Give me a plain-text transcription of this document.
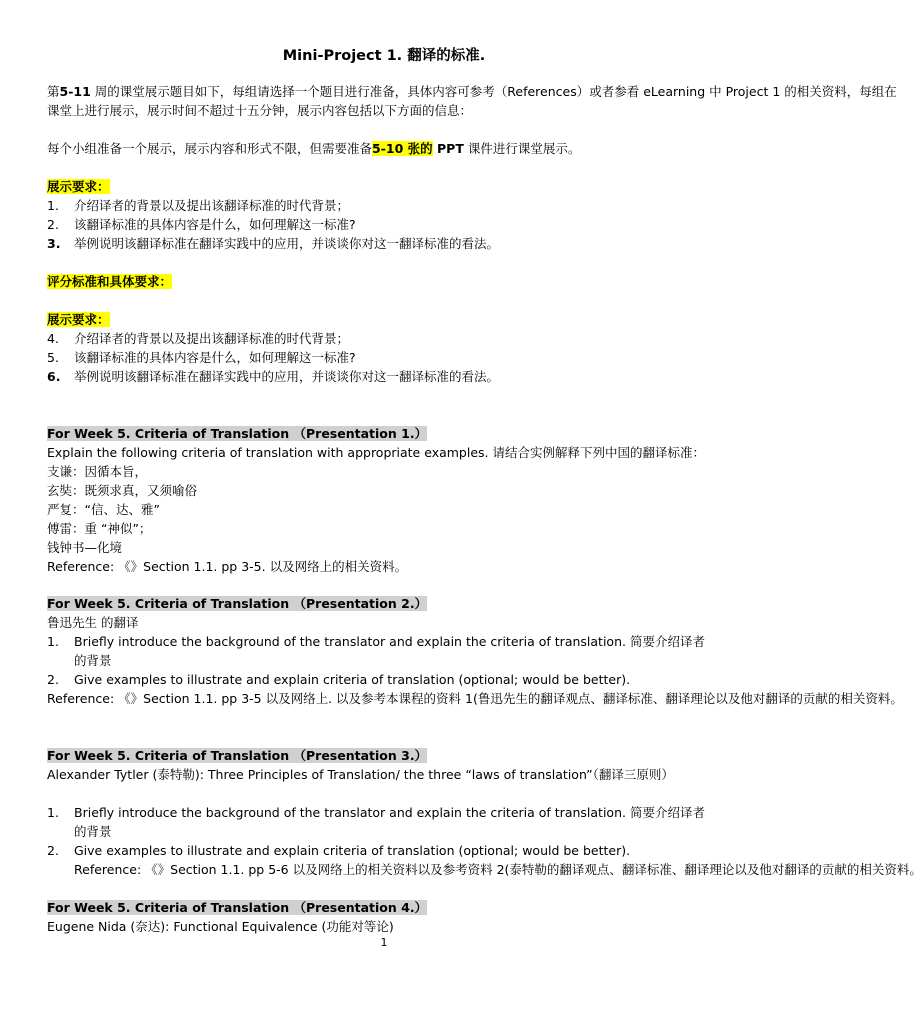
Mini-Project 1. 翻译的标准.
第5-11 周的课堂展示题目如下，每组请选择一个题目进行准备，具体内容可参考（References）或者参看 eLearning 中 Project 1 的相关资料，每组在
课堂上进行展示，展示时间不超过十五分钟，展示内容包括以下方面的信息：
每个小组准备一个展示，展示内容和形式不限，但需要准备5-10 张的 PPT 课件进行课堂展示。
展示要求：
1.	介绍译者的背景以及提出该翻译标准的时代背景；
2.	该翻译标准的具体内容是什么，如何理解这一标准?
3.	举例说明该翻译标准在翻译实践中的应用，并谈谈你对这一翻译标准的看法。
评分标准和具体要求：
展示要求：
4.	介绍译者的背景以及提出该翻译标准的时代背景；
5.	该翻译标准的具体内容是什么，如何理解这一标准?
6.	举例说明该翻译标准在翻译实践中的应用，并谈谈你对这一翻译标准的看法。
For Week 5. Criteria of Translation （Presentation 1.）
Explain the following criteria of translation with appropriate examples. 请结合实例解释下列中国的翻译标准：
支谦：因循本旨，
玄奘：既须求真，又须喻俗
严复：“信、达、雅”
傅雷：重 “神似”；
钱钟书—化境
Reference: 《》Section 1.1. pp 3-5. 以及网络上的相关资料。
For Week 5. Criteria of Translation （Presentation 2.）
鲁迅先生 的翻译
1.	Briefly introduce the background of the translator and explain the criteria of translation. 简要介绍译者
的背景
2.	Give examples to illustrate and explain criteria of translation (optional; would be better).
Reference: 《》Section 1.1. pp 3-5 以及网络上. 以及参考本课程的资料 1(鲁迅先生的翻译观点、翻译标准、翻译理论以及他对翻译的贡献的相关资料。
For Week 5. Criteria of Translation （Presentation 3.）
Alexander Tytler (泰特勒): Three Principles of Translation/ the three “laws of translation”（翻译三原则）
1.	Briefly introduce the background of the translator and explain the criteria of translation. 简要介绍译者
的背景
2.	Give examples to illustrate and explain criteria of translation (optional; would be better).
Reference: 《》Section 1.1. pp 5-6 以及网络上的相关资料以及参考资料 2(泰特勒的翻译观点、翻译标准、翻译理论以及他对翻译的贡献的相关资料。
For Week 5. Criteria of Translation （Presentation 4.）
Eugene Nida (奈达): Functional Equivalence (功能对等论)
1
